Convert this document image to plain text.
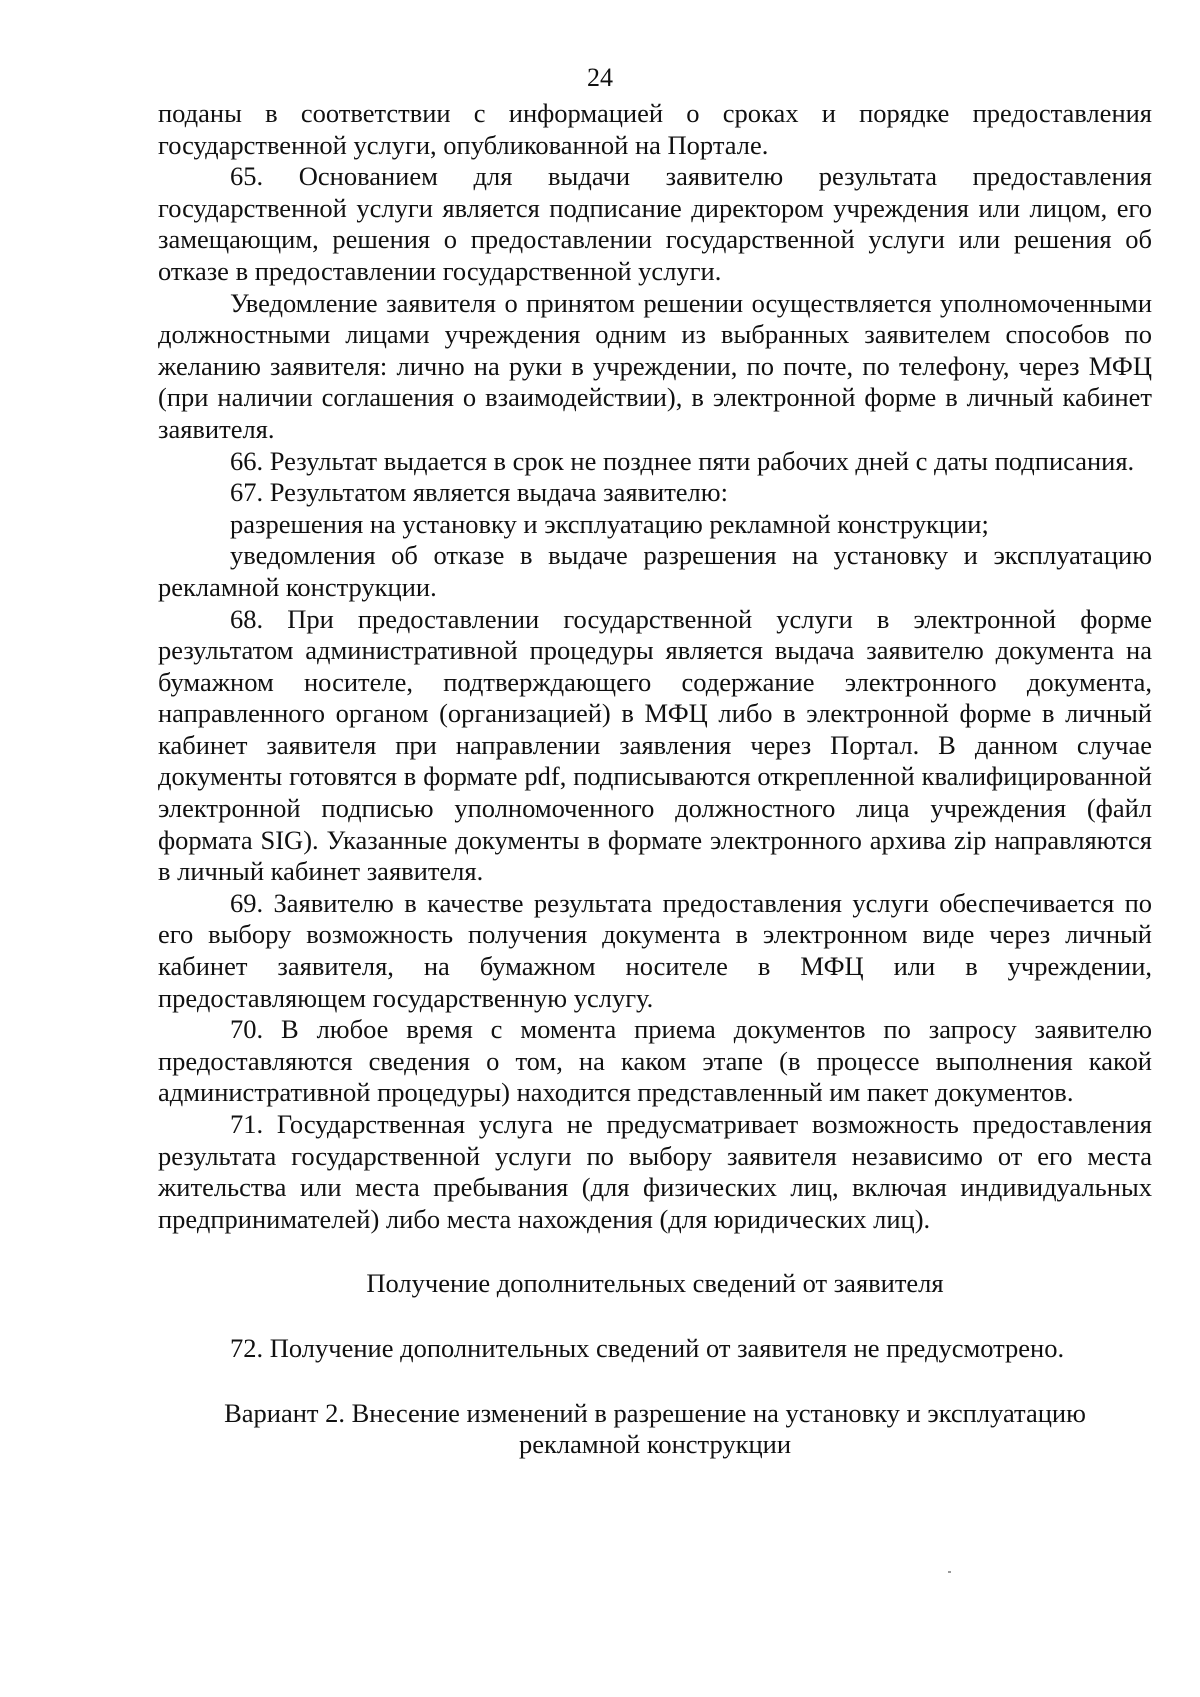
24

поданы в соответствии с информацией о сроках и порядке предоставления государственной услуги, опубликованной на Портале.

65. Основанием для выдачи заявителю результата предоставления государственной услуги является подписание директором учреждения или лицом, его замещающим, решения о предоставлении государственной услуги или решения об отказе в предоставлении государственной услуги.

Уведомление заявителя о принятом решении осуществляется уполномоченными должностными лицами учреждения одним из выбранных заявителем способов по желанию заявителя: лично на руки в учреждении, по почте, по телефону, через МФЦ (при наличии соглашения о взаимодействии), в электронной форме в личный кабинет заявителя.

66. Результат выдается в срок не позднее пяти рабочих дней с даты подписания.

67. Результатом является выдача заявителю:

разрешения на установку и эксплуатацию рекламной конструкции;

уведомления об отказе в выдаче разрешения на установку и эксплуатацию рекламной конструкции.

68. При предоставлении государственной услуги в электронной форме результатом административной процедуры является выдача заявителю документа на бумажном носителе, подтверждающего содержание электронного документа, направленного органом (организацией) в МФЦ либо в электронной форме в личный кабинет заявителя при направлении заявления через Портал. В данном случае документы готовятся в формате pdf, подписываются открепленной квалифицированной электронной подписью уполномоченного должностного лица учреждения (файл формата SIG). Указанные документы в формате электронного архива zip направляются в личный кабинет заявителя.

69. Заявителю в качестве результата предоставления услуги обеспечивается по его выбору возможность получения документа в электронном виде через личный кабинет заявителя, на бумажном носителе в МФЦ или в учреждении, предоставляющем государственную услугу.

70. В любое время с момента приема документов по запросу заявителю предоставляются сведения о том, на каком этапе (в процессе выполнения какой административной процедуры) находится представленный им пакет документов.

71. Государственная услуга не предусматривает возможность предоставления результата государственной услуги по выбору заявителя независимо от его места жительства или места пребывания (для физических лиц, включая индивидуальных предпринимателей) либо места нахождения (для юридических лиц).

Получение дополнительных сведений от заявителя

72. Получение дополнительных сведений от заявителя не предусмотрено.

Вариант 2. Внесение изменений в разрешение на установку и эксплуатацию рекламной конструкции
